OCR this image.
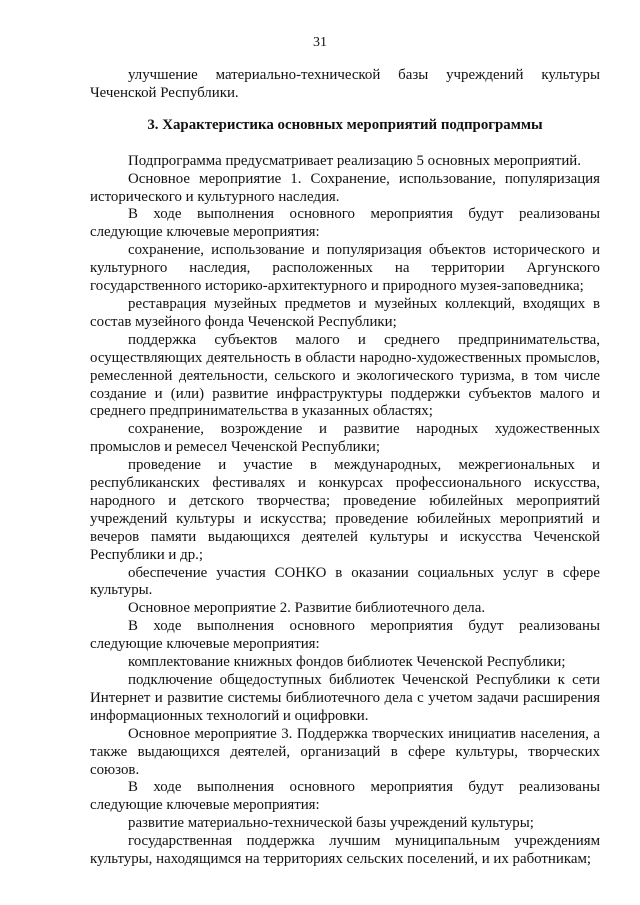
31

улучшение материально-технической базы учреждений культуры Чеченской Республики.

3. Характеристика основных мероприятий подпрограммы

Подпрограмма предусматривает реализацию 5 основных мероприятий.

Основное мероприятие 1. Сохранение, использование, популяризация исторического и культурного наследия.

В ходе выполнения основного мероприятия будут реализованы следующие ключевые мероприятия:

сохранение, использование и популяризация объектов исторического и культурного наследия, расположенных на территории Аргунского государственного историко-архитектурного и природного музея-заповедника;

реставрация музейных предметов и музейных коллекций, входящих в состав музейного фонда Чеченской Республики;

поддержка субъектов малого и среднего предпринимательства, осуществляющих деятельность в области народно-художественных промыслов, ремесленной деятельности, сельского и экологического туризма, в том числе создание и (или) развитие инфраструктуры поддержки субъектов малого и среднего предпринимательства в указанных областях;

сохранение, возрождение и развитие народных художественных промыслов и ремесел Чеченской Республики;

проведение и участие в международных, межрегиональных и республиканских фестивалях и конкурсах профессионального искусства, народного и детского творчества; проведение юбилейных мероприятий учреждений культуры и искусства; проведение юбилейных мероприятий и вечеров памяти выдающихся деятелей культуры и искусства Чеченской Республики и др.;

обеспечение участия СОНКО в оказании социальных услуг в сфере культуры.

Основное мероприятие 2. Развитие библиотечного дела.

В ходе выполнения основного мероприятия будут реализованы следующие ключевые мероприятия:

комплектование книжных фондов библиотек Чеченской Республики;

подключение общедоступных библиотек Чеченской Республики к сети Интернет и развитие системы библиотечного дела с учетом задачи расширения информационных технологий и оцифровки.

Основное мероприятие 3. Поддержка творческих инициатив населения, а также выдающихся деятелей, организаций в сфере культуры, творческих союзов.

В ходе выполнения основного мероприятия будут реализованы следующие ключевые мероприятия:

развитие материально-технической базы учреждений культуры;

государственная поддержка лучшим муниципальным учреждениям культуры, находящимся на территориях сельских поселений, и их работникам;
